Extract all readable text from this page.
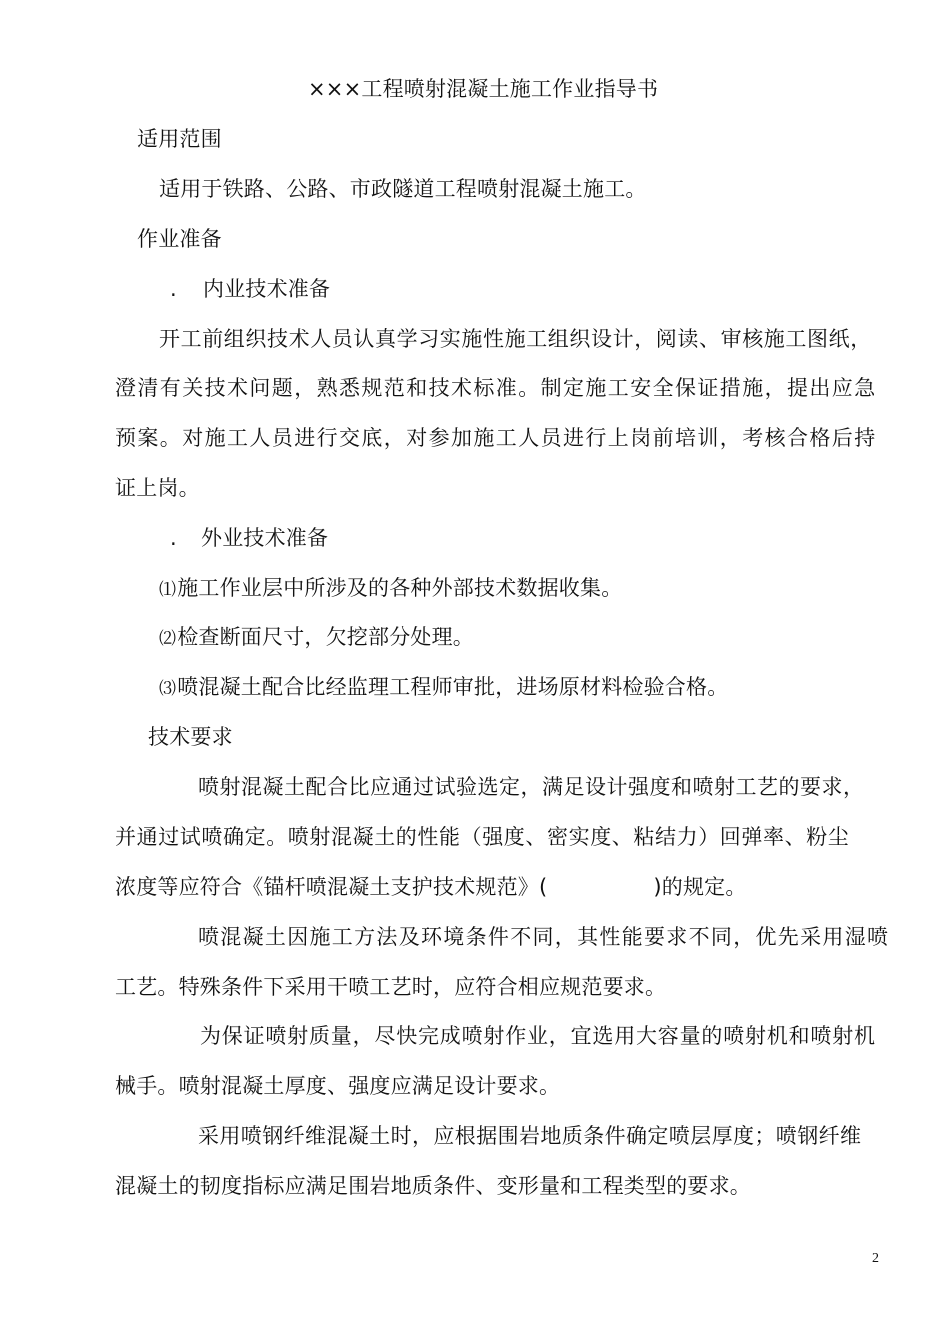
×××工程喷射混凝土施工作业指导书
适用范围
适用于铁路、公路、市政隧道工程喷射混凝土施工。
作业准备
. 内业技术准备
开工前组织技术人员认真学习实施性施工组织设计，阅读、审核施工图纸，
澄清有关技术问题，熟悉规范和技术标准。制定施工安全保证措施，提出应急
预案。对施工人员进行交底，对参加施工人员进行上岗前培训，考核合格后持
证上岗。
. 外业技术准备
⑴施工作业层中所涉及的各种外部技术数据收集。
⑵检查断面尺寸，欠挖部分处理。
⑶喷混凝土配合比经监理工程师审批，进场原材料检验合格。
技术要求
喷射混凝土配合比应通过试验选定，满足设计强度和喷射工艺的要求，
并通过试喷确定。喷射混凝土的性能（强度、密实度、粘结力）回弹率、粉尘
浓度等应符合《锚杆喷混凝土支护技术规范》(　　　　　)的规定。
喷混凝土因施工方法及环境条件不同，其性能要求不同，优先采用湿喷
工艺。特殊条件下采用干喷工艺时，应符合相应规范要求。
为保证喷射质量，尽快完成喷射作业，宜选用大容量的喷射机和喷射机
械手。喷射混凝土厚度、强度应满足设计要求。
采用喷钢纤维混凝土时，应根据围岩地质条件确定喷层厚度；喷钢纤维
混凝土的韧度指标应满足围岩地质条件、变形量和工程类型的要求。
2
